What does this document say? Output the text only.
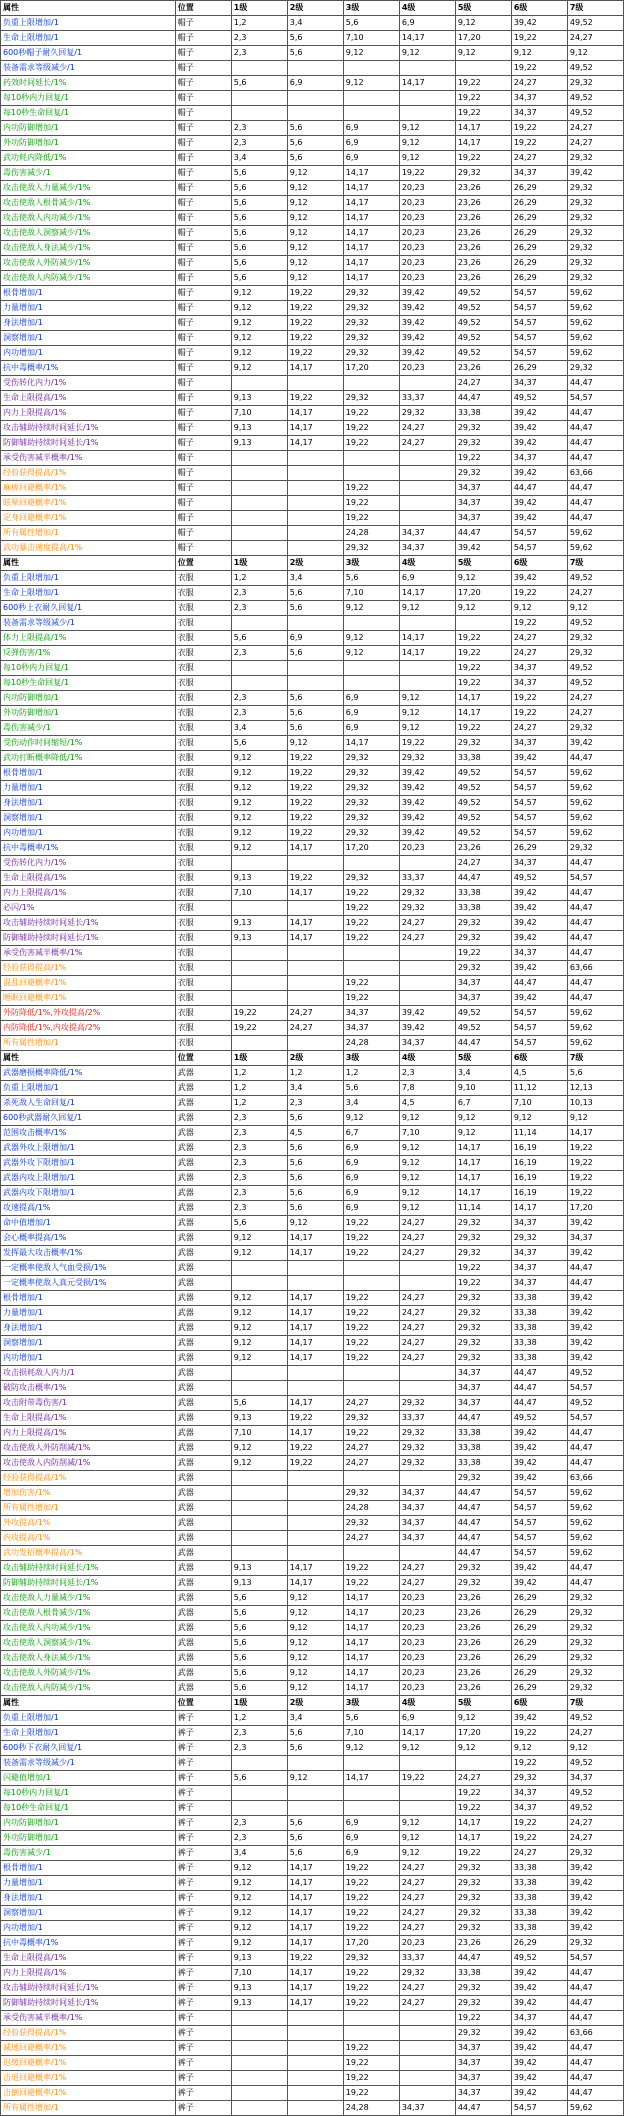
属性	位置	1级	2级	3级	4级	5级	6级	7级
负重上限增加/1	帽子	1,2	3,4	5,6	6,9	9,12	39,42	49,52
生命上限增加/1	帽子	2,3	5,6	7,10	14,17	17,20	19,22	24,27
600秒帽子耐久回复/1	帽子	2,3	5,6	9,12	9,12	9,12	9,12	9,12
装备需求等级减少/1	帽子						19,22	49,52
药效时间延长/1%	帽子	5,6	6,9	9,12	14,17	19,22	24,27	29,32
每10秒内力回复/1	帽子					19,22	34,37	49,52
每10秒生命回复/1	帽子					19,22	34,37	49,52
内功防御增加/1	帽子	2,3	5,6	6,9	9,12	14,17	19,22	24,27
外功防御增加/1	帽子	2,3	5,6	6,9	9,12	14,17	19,22	24,27
武功耗内降低/1%	帽子	3,4	5,6	6,9	9,12	19,22	24,27	29,32
毒伤害减少/1	帽子	5,6	9,12	14,17	19,22	29,32	34,37	39,42
攻击使敌人力量减少/1%	帽子	5,6	9,12	14,17	20,23	23,26	26,29	29,32
攻击使敌人根骨减少/1%	帽子	5,6	9,12	14,17	20,23	23,26	26,29	29,32
攻击使敌人内功减少/1%	帽子	5,6	9,12	14,17	20,23	23,26	26,29	29,32
攻击使敌人洞察减少/1%	帽子	5,6	9,12	14,17	20,23	23,26	26,29	29,32
攻击使敌人身法减少/1%	帽子	5,6	9,12	14,17	20,23	23,26	26,29	29,32
攻击使敌人外防减少/1%	帽子	5,6	9,12	14,17	20,23	23,26	26,29	29,32
攻击使敌人内防减少/1%	帽子	5,6	9,12	14,17	20,23	23,26	26,29	29,32
根骨增加/1	帽子	9,12	19,22	29,32	39,42	49,52	54,57	59,62
力量增加/1	帽子	9,12	19,22	29,32	39,42	49,52	54,57	59,62
身法增加/1	帽子	9,12	19,22	29,32	39,42	49,52	54,57	59,62
洞察增加/1	帽子	9,12	19,22	29,32	39,42	49,52	54,57	59,62
内功增加/1	帽子	9,12	19,22	29,32	39,42	49,52	54,57	59,62
抗中毒概率/1%	帽子	9,12	14,17	17,20	20,23	23,26	26,29	29,32
受伤转化内力/1%	帽子					24,27	34,37	44,47
生命上限提高/1%	帽子	9,13	19,22	29,32	33,37	44,47	49,52	54,57
内力上限提高/1%	帽子	7,10	14,17	19,22	29,32	33,38	39,42	44,47
攻击辅助持续时间延长/1%	帽子	9,13	14,17	19,22	24,27	29,32	39,42	44,47
防御辅助持续时间延长/1%	帽子	9,13	14,17	19,22	24,27	29,32	39,42	44,47
承受伤害减半概率/1%	帽子					19,22	34,37	44,47
经验获得提高/1%	帽子					29,32	39,42	63,66
麻痹回避概率/1%	帽子			19,22		34,37	44,47	44,47
眩晕回避概率/1%	帽子			19,22		34,37	39,42	44,47
定身回避概率/1%	帽子			19,22		34,37	39,42	44,47
所有属性增加/1	帽子			24,28	34,37	44,47	54,57	59,62
武功暴击速度提高/1%	帽子			29,32	34,37	39,42	54,57	59,62
属性	位置	1级	2级	3级	4级	5级	6级	7级
负重上限增加/1	衣服	1,2	3,4	5,6	6,9	9,12	39,42	49,52
生命上限增加/1	衣服	2,3	5,6	7,10	14,17	17,20	19,22	24,27
600秒上衣耐久回复/1	衣服	2,3	5,6	9,12	9,12	9,12	9,12	9,12
装备需求等级减少/1	衣服						19,22	49,52
体力上限提高/1%	衣服	5,6	6,9	9,12	14,17	19,22	24,27	29,32
反弹伤害/1%	衣服	2,3	5,6	9,12	14,17	19,22	24,27	29,32
每10秒内力回复/1	衣服					19,22	34,37	49,52
每10秒生命回复/1	衣服					19,22	34,37	49,52
内功防御增加/1	衣服	2,3	5,6	6,9	9,12	14,17	19,22	24,27
外功防御增加/1	衣服	2,3	5,6	6,9	9,12	14,17	19,22	24,27
毒伤害减少/1	衣服	3,4	5,6	6,9	9,12	19,22	24,27	29,32
受伤动作时间缩短/1%	衣服	5,6	9,12	14,17	19,22	29,32	34,37	39,42
武功打断概率降低/1%	衣服	9,12	19,22	29,32	29,32	33,38	39,42	44,47
根骨增加/1	衣服	9,12	19,22	29,32	39,42	49,52	54,57	59,62
力量增加/1	衣服	9,12	19,22	29,32	39,42	49,52	54,57	59,62
身法增加/1	衣服	9,12	19,22	29,32	39,42	49,52	54,57	59,62
洞察增加/1	衣服	9,12	19,22	29,32	39,42	49,52	54,57	59,62
内功增加/1	衣服	9,12	19,22	29,32	39,42	49,52	54,57	59,62
抗中毒概率/1%	衣服	9,12	14,17	17,20	20,23	23,26	26,29	29,32
受伤转化内力/1%	衣服					24,27	34,37	44,47
生命上限提高/1%	衣服	9,13	19,22	29,32	33,37	44,47	49,52	54,57
内力上限提高/1%	衣服	7,10	14,17	19,22	29,32	33,38	39,42	44,47
必闪/1%	衣服			19,22	29,32	33,38	39,42	44,47
攻击辅助持续时间延长/1%	衣服	9,13	14,17	19,22	24,27	29,32	39,42	44,47
防御辅助持续时间延长/1%	衣服	9,13	14,17	19,22	24,27	29,32	39,42	44,47
承受伤害减半概率/1%	衣服					19,22	34,37	44,47
经验获得提高/1%	衣服					29,32	39,42	63,66
混乱回避概率/1%	衣服			19,22		34,37	44,47	44,47
睡眠回避概率/1%	衣服			19,22		34,37	39,42	44,47
外防降低/1%,外攻提高/2%	衣服	19,22	24,27	34,37	39,42	49,52	54,57	59,62
内防降低/1%,内攻提高/2%	衣服	19,22	24,27	34,37	39,42	49,52	54,57	59,62
所有属性增加/1	衣服			24,28	34,37	44,47	54,57	59,62
属性	位置	1级	2级	3级	4级	5级	6级	7级
武器磨损概率降低/1%	武器	1,2	1,2	1,2	2,3	3,4	4,5	5,6
负重上限增加/1	武器	1,2	3,4	5,6	7,8	9,10	11,12	12,13
杀死敌人生命回复/1	武器	1,2	2,3	3,4	4,5	6,7	7,10	10,13
600秒武器耐久回复/1	武器	2,3	5,6	9,12	9,12	9,12	9,12	9,12
范围攻击概率/1%	武器	2,3	4,5	6,7	7,10	9,12	11,14	14,17
武器外攻上限增加/1	武器	2,3	5,6	6,9	9,12	14,17	16,19	19,22
武器外攻下限增加/1	武器	2,3	5,6	6,9	9,12	14,17	16,19	19,22
武器内攻上限增加/1	武器	2,3	5,6	6,9	9,12	14,17	16,19	19,22
武器内攻下限增加/1	武器	2,3	5,6	6,9	9,12	14,17	16,19	19,22
攻速提高/1%	武器	2,3	5,6	6,9	9,12	11,14	14,17	17,20
命中值增加/1	武器	5,6	9,12	19,22	24,27	29,32	34,37	39,42
会心概率提高/1%	武器	9,12	14,17	19,22	24,27	29,32	29,32	34,37
发挥最大攻击概率/1%	武器	9,12	14,17	19,22	24,27	29,32	34,37	39,42
一定概率使敌人气血受损/1%	武器					19,22	34,37	44,47
一定概率使敌人真元受损/1%	武器					19,22	34,37	44,47
根骨增加/1	武器	9,12	14,17	19,22	24,27	29,32	33,38	39,42
力量增加/1	武器	9,12	14,17	19,22	24,27	29,32	33,38	39,42
身法增加/1	武器	9,12	14,17	19,22	24,27	29,32	33,38	39,42
洞察增加/1	武器	9,12	14,17	19,22	24,27	29,32	33,38	39,42
内功增加/1	武器	9,12	14,17	19,22	24,27	29,32	33,38	39,42
攻击损耗敌人内力/1	武器					34,37	44,47	49,52
破防攻击概率/1%	武器					34,37	44,47	54,57
攻击附带毒伤害/1	武器	5,6	14,17	24,27	29,32	34,37	44,47	49,52
生命上限提高/1%	武器	9,13	19,22	29,32	33,37	44,47	49,52	54,57
内力上限提高/1%	武器	7,10	14,17	19,22	29,32	33,38	39,42	44,47
攻击使敌人外防削减/1%	武器	9,12	19,22	24,27	29,32	33,38	39,42	44,47
攻击使敌人内防削减/1%	武器	9,12	19,22	24,27	29,32	33,38	39,42	44,47
经验获得提高/1%	武器					29,32	39,42	63,66
增加伤害/1%	武器			29,32	34,37	44,47	54,57	59,62
所有属性增加/1	武器			24,28	34,37	44,47	54,57	59,62
外攻提高/1%	武器			29,32	34,37	44,47	54,57	59,62
内攻提高/1%	武器			24,27	34,37	44,47	54,57	59,62
武功发招概率提高/1%	武器					44,47	54,57	59,62
攻击辅助持续时间延长/1%	武器	9,13	14,17	19,22	24,27	29,32	39,42	44,47
防御辅助持续时间延长/1%	武器	9,13	14,17	19,22	24,27	29,32	39,42	44,47
攻击使敌人力量减少/1%	武器	5,6	9,12	14,17	20,23	23,26	26,29	29,32
攻击使敌人根骨减少/1%	武器	5,6	9,12	14,17	20,23	23,26	26,29	29,32
攻击使敌人内功减少/1%	武器	5,6	9,12	14,17	20,23	23,26	26,29	29,32
攻击使敌人洞察减少/1%	武器	5,6	9,12	14,17	20,23	23,26	26,29	29,32
攻击使敌人身法减少/1%	武器	5,6	9,12	14,17	20,23	23,26	26,29	29,32
攻击使敌人外防减少/1%	武器	5,6	9,12	14,17	20,23	23,26	26,29	29,32
攻击使敌人内防减少/1%	武器	5,6	9,12	14,17	20,23	23,26	26,29	29,32
属性	位置	1级	2级	3级	4级	5级	6级	7级
负重上限增加/1	裤子	1,2	3,4	5,6	6,9	9,12	39,42	49,52
生命上限增加/1	裤子	2,3	5,6	7,10	14,17	17,20	19,22	24,27
600秒下衣耐久回复/1	裤子	2,3	5,6	9,12	9,12	9,12	9,12	9,12
装备需求等级减少/1	裤子						19,22	49,52
闪避值增加/1	裤子	5,6	9,12	14,17	19,22	24,27	29,32	34,37
每10秒内力回复/1	裤子					19,22	34,37	49,52
每10秒生命回复/1	裤子					19,22	34,37	49,52
内功防御增加/1	裤子	2,3	5,6	6,9	9,12	14,17	19,22	24,27
外功防御增加/1	裤子	2,3	5,6	6,9	9,12	14,17	19,22	24,27
毒伤害减少/1	裤子	3,4	5,6	6,9	9,12	19,22	24,27	29,32
根骨增加/1	裤子	9,12	14,17	19,22	24,27	29,32	33,38	39,42
力量增加/1	裤子	9,12	14,17	19,22	24,27	29,32	33,38	39,42
身法增加/1	裤子	9,12	14,17	19,22	24,27	29,32	33,38	39,42
洞察增加/1	裤子	9,12	14,17	19,22	24,27	29,32	33,38	39,42
内功增加/1	裤子	9,12	14,17	19,22	24,27	29,32	33,38	39,42
抗中毒概率/1%	裤子	9,12	14,17	17,20	20,23	23,26	26,29	29,32
生命上限提高/1%	裤子	9,13	19,22	29,32	33,37	44,47	49,52	54,57
内力上限提高/1%	裤子	7,10	14,17	19,22	29,32	33,38	39,42	44,47
攻击辅助持续时间延长/1%	裤子	9,13	14,17	19,22	24,27	29,32	39,42	44,47
防御辅助持续时间延长/1%	裤子	9,13	14,17	19,22	24,27	29,32	39,42	44,47
承受伤害减半概率/1%	裤子					19,22	34,37	44,47
经验获得提高/1%	裤子					29,32	39,42	63,66
减速回避概率/1%	裤子			19,22		34,37	39,42	44,47
迟缓回避概率/1%	裤子			19,22		34,37	39,42	44,47
击退回避概率/1%	裤子			19,22		34,37	39,42	44,47
击倒回避概率/1%	裤子			19,22		34,37	39,42	44,47
所有属性增加/1	裤子			24,28	34,37	44,47	54,57	59,62
